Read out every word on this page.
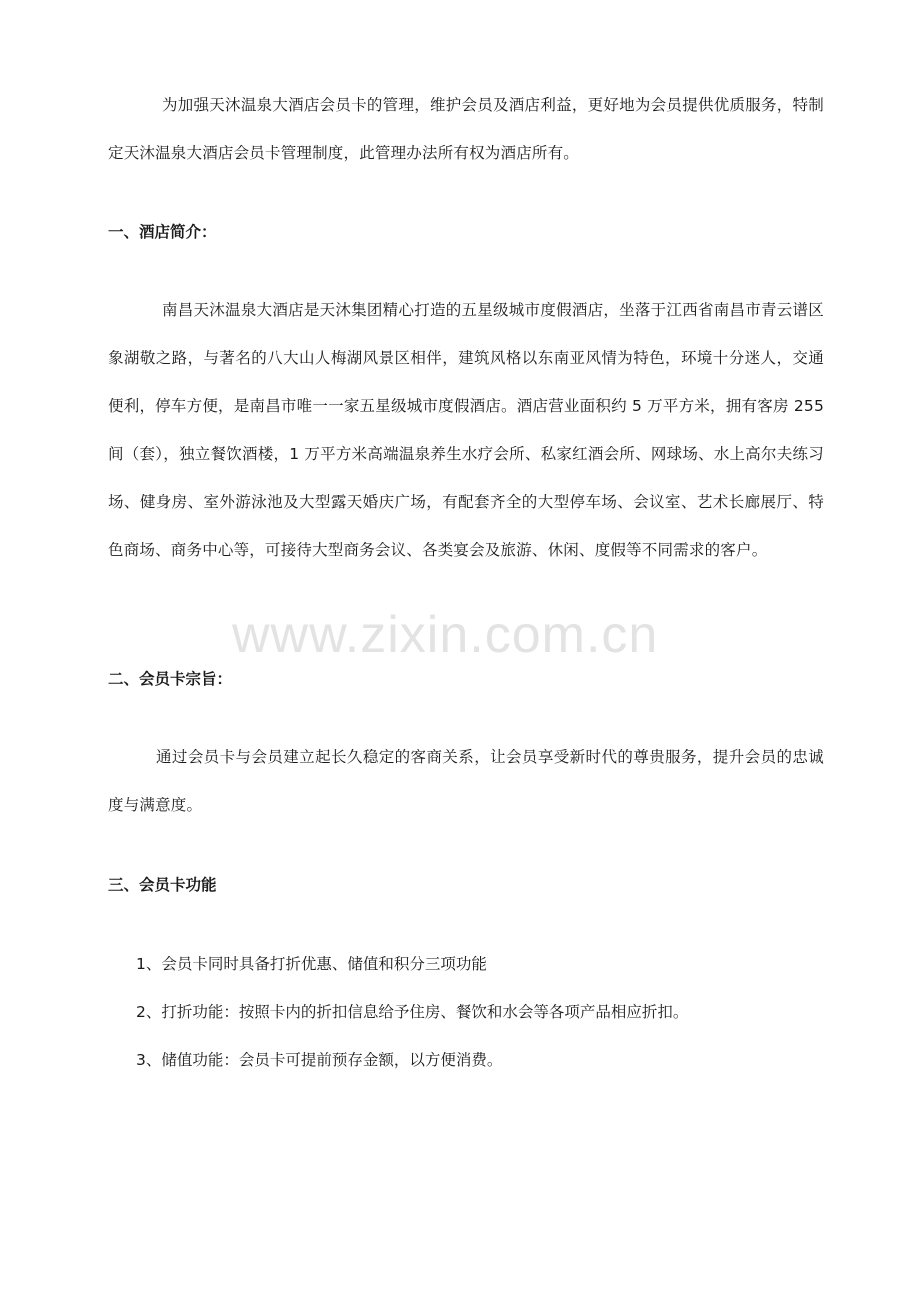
www.zixin.com.cn

为加强天沐温泉大酒店会员卡的管理，维护会员及酒店利益，更好地为会员提供优质服务，特制定天沐温泉大酒店会员卡管理制度，此管理办法所有权为酒店所有。

一、酒店简介：

南昌天沐温泉大酒店是天沐集团精心打造的五星级城市度假酒店，坐落于江西省南昌市青云谱区象湖敬之路，与著名的八大山人梅湖风景区相伴，建筑风格以东南亚风情为特色，环境十分迷人，交通便利，停车方便，是南昌市唯一一家五星级城市度假酒店。酒店营业面积约 5 万平方米，拥有客房 255 间（套），独立餐饮酒楼，1 万平方米高端温泉养生水疗会所、私家红酒会所、网球场、水上高尔夫练习场、健身房、室外游泳池及大型露天婚庆广场，有配套齐全的大型停车场、会议室、艺术长廊展厅、特色商场、商务中心等，可接待大型商务会议、各类宴会及旅游、休闲、度假等不同需求的客户。

二、会员卡宗旨：

通过会员卡与会员建立起长久稳定的客商关系，让会员享受新时代的尊贵服务，提升会员的忠诚度与满意度。

三、会员卡功能

1、会员卡同时具备打折优惠、储值和积分三项功能

2、打折功能：按照卡内的折扣信息给予住房、餐饮和水会等各项产品相应折扣。

3、储值功能：会员卡可提前预存金额，以方便消费。
